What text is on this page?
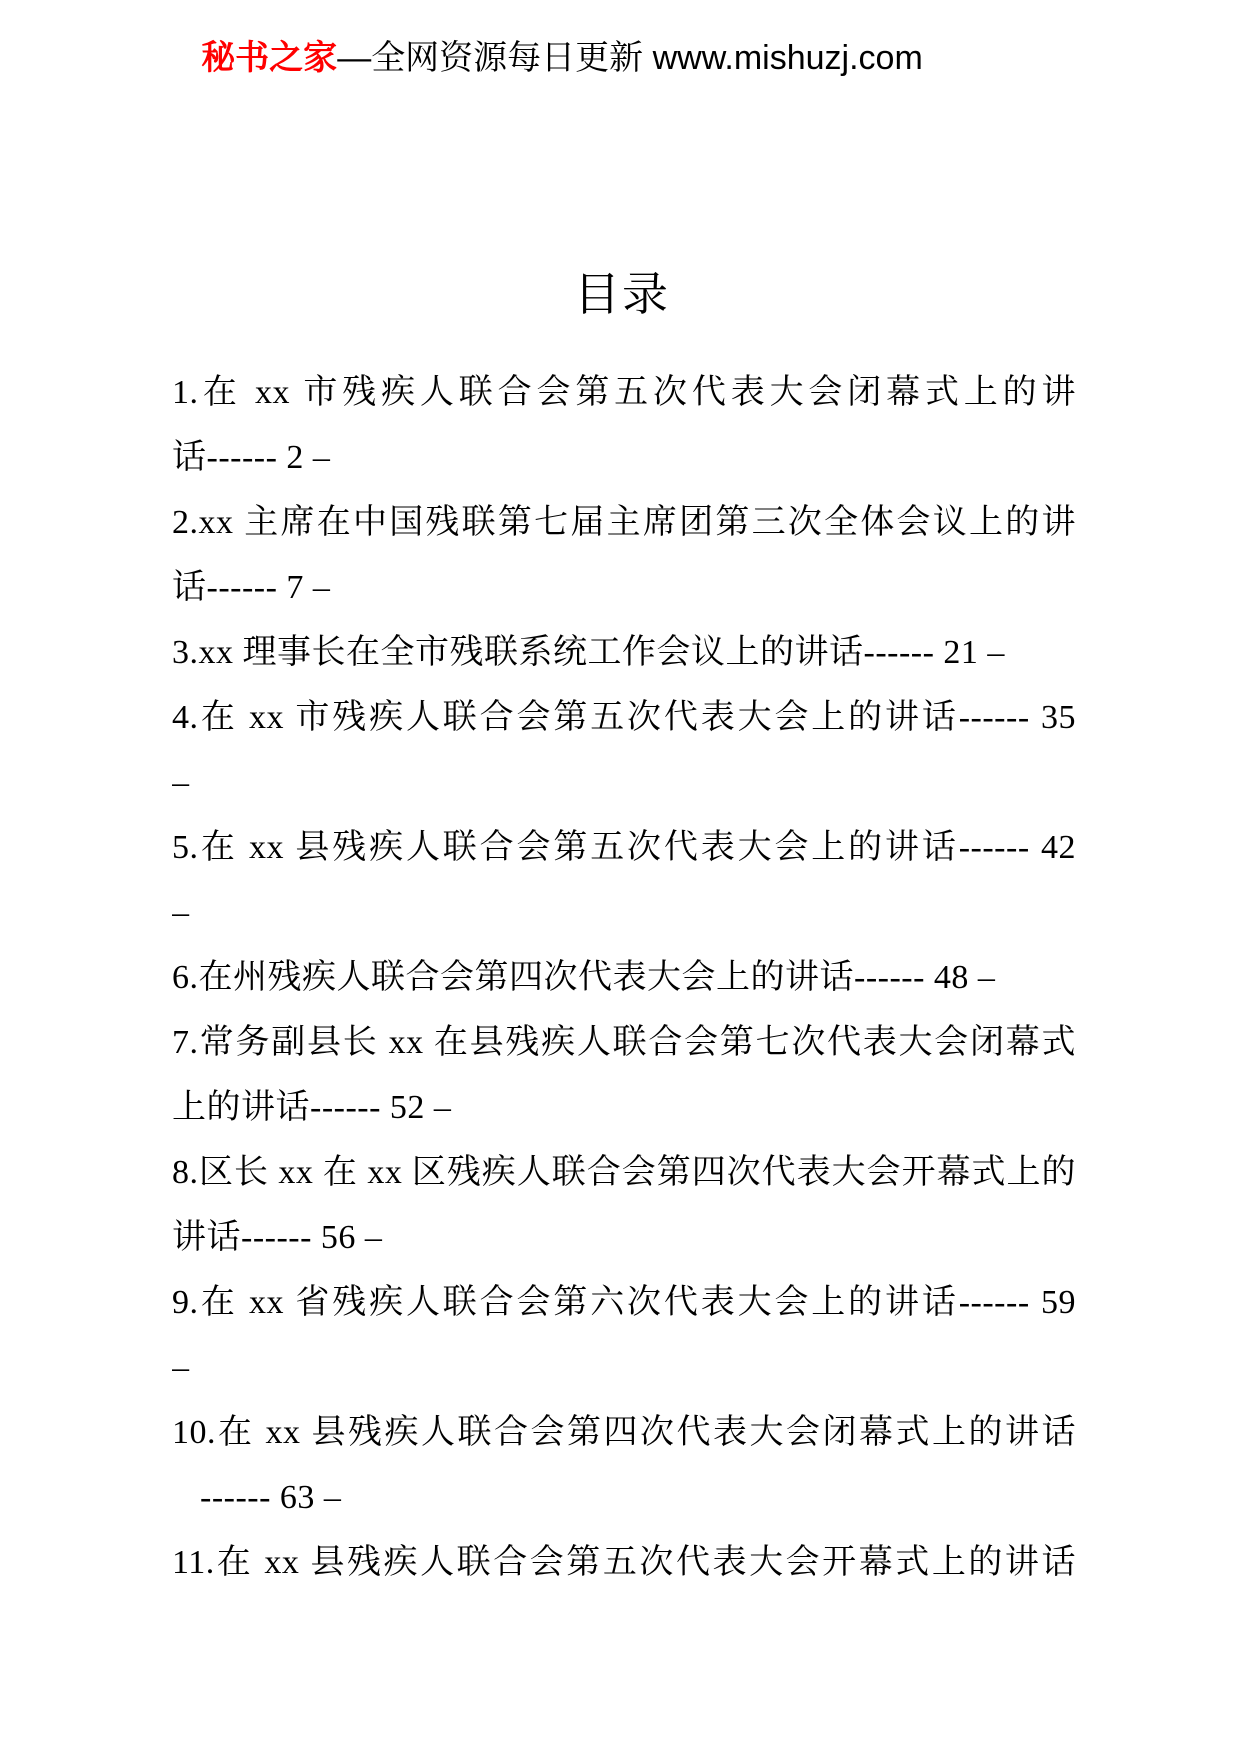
秘书之家—全网资源每日更新 www.mishuzj.com
目录
1.在 xx 市残疾人联合会第五次代表大会闭幕式上的讲
话------ 2 –
2.xx 主席在中国残联第七届主席团第三次全体会议上的讲
话------ 7 –
3.xx 理事长在全市残联系统工作会议上的讲话------ 21 –
4.在 xx 市残疾人联合会第五次代表大会上的讲话------ 35
–
5.在 xx 县残疾人联合会第五次代表大会上的讲话------ 42
–
6.在州残疾人联合会第四次代表大会上的讲话------ 48 –
7.常务副县长 xx 在县残疾人联合会第七次代表大会闭幕式
上的讲话------ 52 –
8.区长 xx 在 xx 区残疾人联合会第四次代表大会开幕式上的
讲话------ 56 –
9.在 xx 省残疾人联合会第六次代表大会上的讲话------ 59
–
10.在 xx 县残疾人联合会第四次代表大会闭幕式上的讲话
------ 63 –
11.在 xx 县残疾人联合会第五次代表大会开幕式上的讲话
